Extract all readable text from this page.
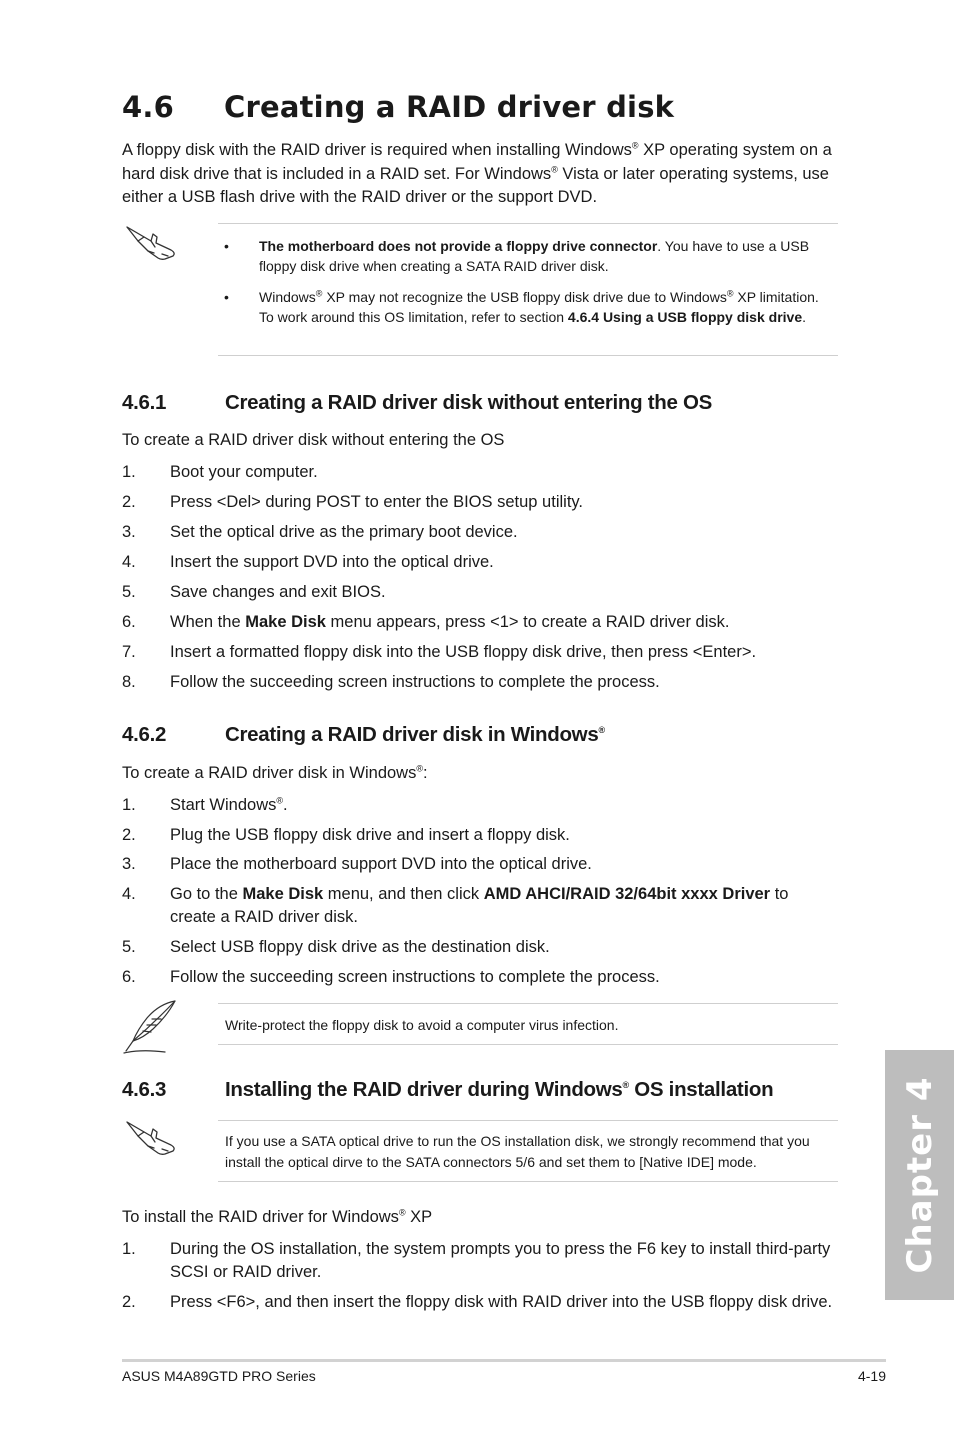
4.6 Creating a RAID driver disk
A floppy disk with the RAID driver is required when installing Windows® XP operating system on a hard disk drive that is included in a RAID set. For Windows® Vista or later operating systems, use either a USB flash drive with the RAID driver or the support DVD.
• The motherboard does not provide a floppy drive connector. You have to use a USB floppy disk drive when creating a SATA RAID driver disk.
• Windows® XP may not recognize the USB floppy disk drive due to Windows® XP limitation. To work around this OS limitation, refer to section 4.6.4 Using a USB floppy disk drive.
4.6.1	Creating a RAID driver disk without entering the OS
To create a RAID driver disk without entering the OS
1. Boot your computer.
2. Press <Del> during POST to enter the BIOS setup utility.
3. Set the optical drive as the primary boot device.
4. Insert the support DVD into the optical drive.
5. Save changes and exit BIOS.
6. When the Make Disk menu appears, press <1> to create a RAID driver disk.
7. Insert a formatted floppy disk into the USB floppy disk drive, then press <Enter>.
8. Follow the succeeding screen instructions to complete the process.
4.6.2	Creating a RAID driver disk in Windows®
To create a RAID driver disk in Windows®:
1. Start Windows®.
2. Plug the USB floppy disk drive and insert a floppy disk.
3. Place the motherboard support DVD into the optical drive.
4. Go to the Make Disk menu, and then click AMD AHCI/RAID 32/64bit xxxx Driver to create a RAID driver disk.
5. Select USB floppy disk drive as the destination disk.
6. Follow the succeeding screen instructions to complete the process.
Write-protect the floppy disk to avoid a computer virus infection.
4.6.3	Installing the RAID driver during Windows® OS installation
If you use a SATA optical drive to run the OS installation disk, we strongly recommend that you install the optical dirve to the SATA connectors 5/6 and set them to [Native IDE] mode.
To install the RAID driver for Windows® XP
1. During the OS installation, the system prompts you to press the F6 key to install third-party SCSI or RAID driver.
2. Press <F6>, and then insert the floppy disk with RAID driver into the USB floppy disk drive.
Chapter 4
ASUS M4A89GTD PRO Series	4-19
